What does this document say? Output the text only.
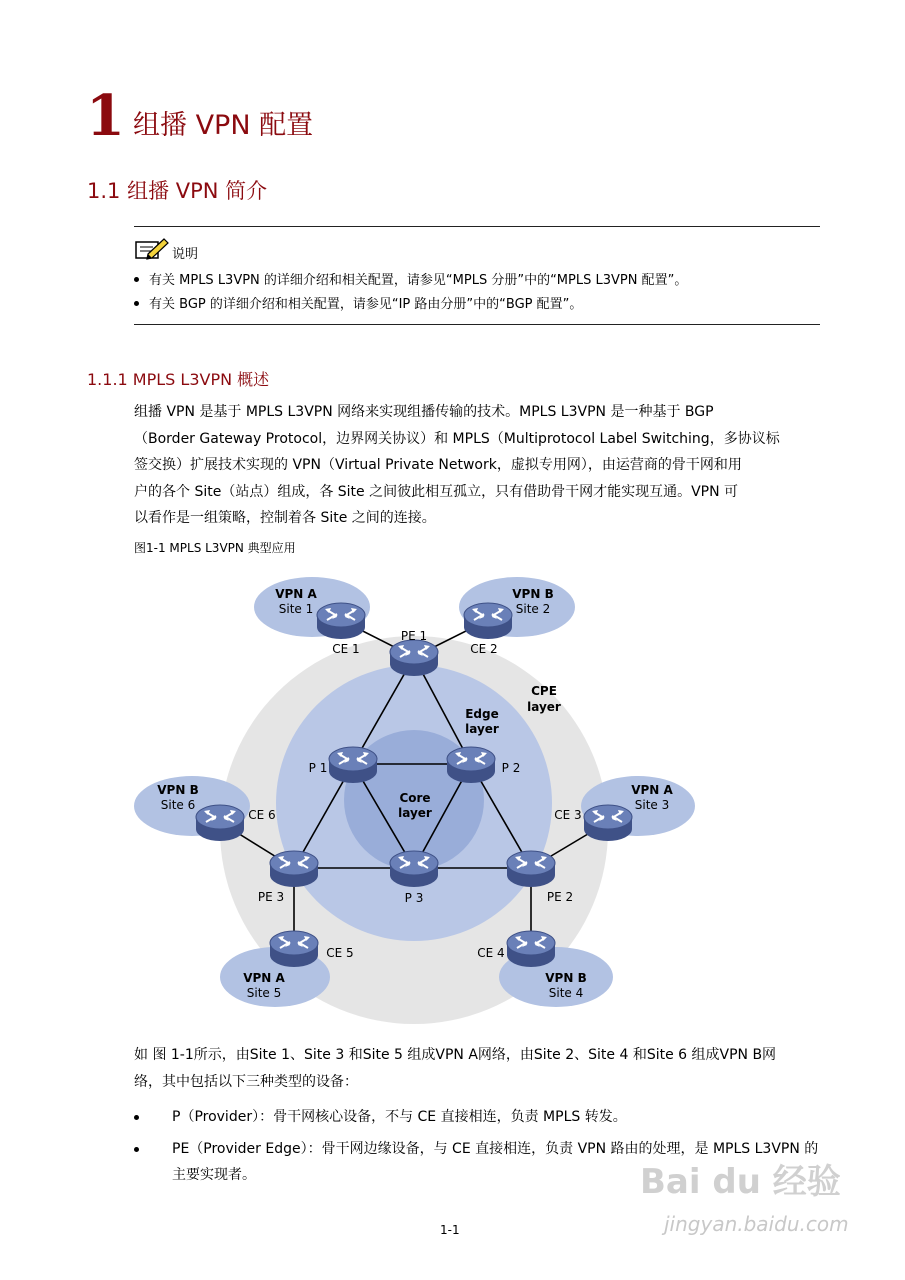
1 组播 VPN 配置
1.1 组播 VPN 简介
说明
有关 MPLS L3VPN 的详细介绍和相关配置，请参见“MPLS 分册”中的“MPLS L3VPN 配置”。
有关 BGP 的详细介绍和相关配置，请参见“IP 路由分册”中的“BGP 配置”。
1.1.1 MPLS L3VPN 概述
组播 VPN 是基于 MPLS L3VPN 网络来实现组播传输的技术。MPLS L3VPN 是一种基于 BGP
（Border Gateway Protocol，边界网关协议）和 MPLS（Multiprotocol Label Switching，多协议标
签交换）扩展技术实现的 VPN（Virtual Private Network，虚拟专用网），由运营商的骨干网和用
户的各个 Site（站点）组成，各 Site 之间彼此相互孤立，只有借助骨干网才能实现互通。VPN 可
以看作是一组策略，控制着各 Site 之间的连接。
图1-1 MPLS L3VPN 典型应用
CPE
layer
Edge
layer
Core
layer
VPN A
Site 1
VPN B
Site 2
VPN A
Site 3
VPN B
Site 4
VPN A
Site 5
VPN B
Site 6
CE 1	CE 2
PE 1
P 1	P 2
CE 3
CE 6
PE 3	P 3	PE 2
CE 5	CE 4
如 图 1-1所示，由Site 1、Site 3 和Site 5 组成VPN A网络，由Site 2、Site 4 和Site 6 组成VPN B网
络，其中包括以下三种类型的设备：
P（Provider）：骨干网核心设备，不与 CE 直接相连，负责 MPLS 转发。
PE（Provider Edge）：骨干网边缘设备，与 CE 直接相连，负责 VPN 路由的处理，是 MPLS L3VPN 的主要实现者。
1-1
Bai du 经验
jingyan.baidu.com
